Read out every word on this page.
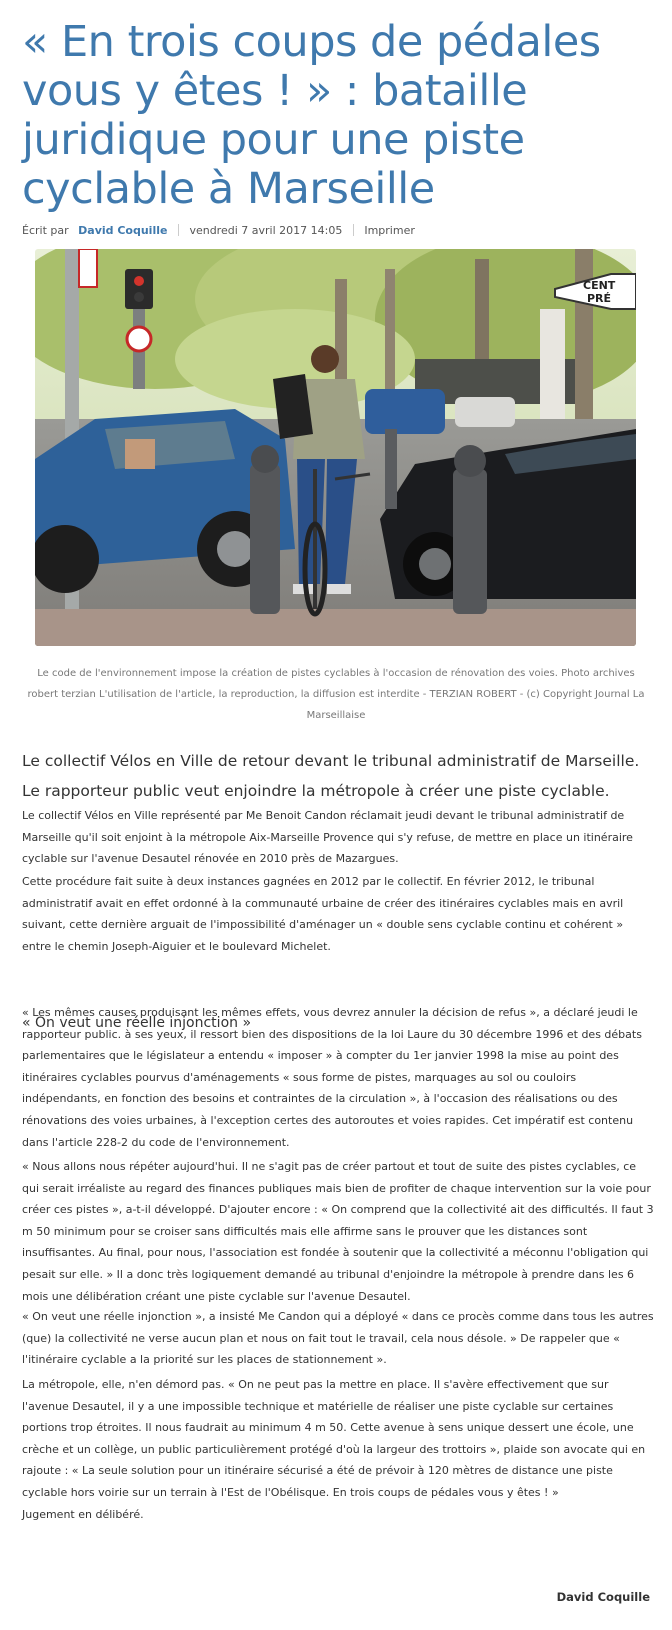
« En trois coups de pédales vous y êtes ! » : bataille juridique pour une piste cyclable à Marseille
Écrit par David Coquille vendredi 7 avril 2017 14:05 Imprimer
CENT
PRÉ
Le code de l'environnement impose la création de pistes cyclables à l'occasion de rénovation des voies. Photo archives robert terzian L'utilisation de l'article, la reproduction, la diffusion est interdite - TERZIAN ROBERT - (c) Copyright Journal La Marseillaise

Le collectif Vélos en Ville de retour devant le tribunal administratif de Marseille. Le rapporteur public veut enjoindre la métropole à créer une piste cyclable.

Le collectif Vélos en Ville représenté par Me Benoit Candon réclamait jeudi devant le tribunal administratif de Marseille qu'il soit enjoint à la métropole Aix-Marseille Provence qui s'y refuse, de mettre en place un itinéraire cyclable sur l'avenue Desautel rénovée en 2010 près de Mazargues.

Cette procédure fait suite à deux instances gagnées en 2012 par le collectif. En février 2012, le tribunal administratif avait en effet ordonné à la communauté urbaine de créer des itinéraires cyclables mais en avril suivant, cette dernière arguait de l'impossibilité d'aménager un « double sens cyclable continu et cohérent » entre le chemin Joseph-Aiguier et le boulevard Michelet.

« On veut une réelle injonction »

« Les mêmes causes produisant les mêmes effets, vous devrez annuler la décision de refus », a déclaré jeudi le rapporteur public. à ses yeux, il ressort bien des dispositions de la loi Laure du 30 décembre 1996 et des débats parlementaires que le législateur a entendu « imposer » à compter du 1er janvier 1998 la mise au point des itinéraires cyclables pourvus d'aménagements « sous forme de pistes, marquages au sol ou couloirs indépendants, en fonction des besoins et contraintes de la circulation », à l'occasion des réalisations ou des rénovations des voies urbaines, à l'exception certes des autoroutes et voies rapides. Cet impératif est contenu dans l'article 228-2 du code de l'environnement.

« Nous allons nous répéter aujourd'hui. Il ne s'agit pas de créer partout et tout de suite des pistes cyclables, ce qui serait irréaliste au regard des finances publiques mais bien de profiter de chaque intervention sur la voie pour créer ces pistes », a-t-il développé. D'ajouter encore : « On comprend que la collectivité ait des difficultés. Il faut 3 m 50 minimum pour se croiser sans difficultés mais elle affirme sans le prouver que les distances sont insuffisantes. Au final, pour nous, l'association est fondée à soutenir que la collectivité a méconnu l'obligation qui pesait sur elle. » Il a donc très logiquement demandé au tribunal d'enjoindre la métropole à prendre dans les 6 mois une délibération créant une piste cyclable sur l'avenue Desautel.

« On veut une réelle injonction », a insisté Me Candon qui a déployé « dans ce procès comme dans tous les autres (que) la collectivité ne verse aucun plan et nous on fait tout le travail, cela nous désole. » De rappeler que « l'itinéraire cyclable a la priorité sur les places de stationnement ».

La métropole, elle, n'en démord pas. « On ne peut pas la mettre en place. Il s'avère effectivement que sur l'avenue Desautel, il y a une impossible technique et matérielle de réaliser une piste cyclable sur certaines portions trop étroites. Il nous faudrait au minimum 4 m 50. Cette avenue à sens unique dessert une école, une crèche et un collège, un public particulièrement protégé d'où la largeur des trottoirs », plaide son avocate qui en rajoute : « La seule solution pour un itinéraire sécurisé a été de prévoir à 120 mètres de distance une piste cyclable hors voirie sur un terrain à l'Est de l'Obélisque. En trois coups de pédales vous y êtes ! »

Jugement en délibéré.

David Coquille
